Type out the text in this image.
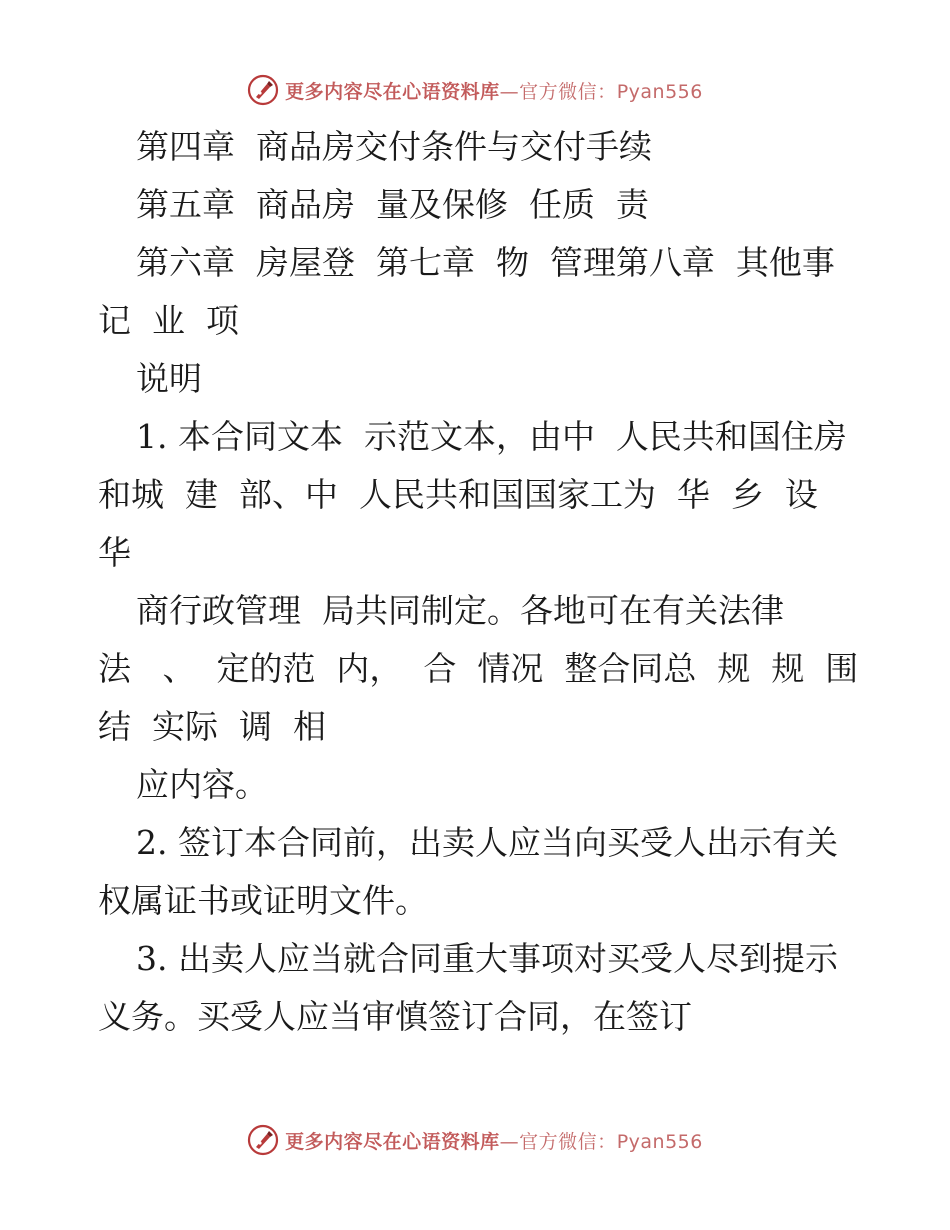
更多内容尽在心语资料库—官方微信：Pyan556
第四章  商品房交付条件与交付手续
第五章  商品房  量及保修  任质  责
第六章  房屋登  第七章  物  管理第八章  其他事
记  业  项
说明
1. 本合同文本  示范文本，由中  人民共和国住房
和城  建  部、中  人民共和国国家工为  华  乡  设
华
商行政管理  局共同制定。各地可在有关法律
法   、  定的范  内，  合  情况  整合同总  规  规  围
结  实际  调  相
应内容。
2. 签订本合同前，出卖人应当向买受人出示有关
权属证书或证明文件。
3. 出卖人应当就合同重大事项对买受人尽到提示
义务。买受人应当审慎签订合同，在签订
更多内容尽在心语资料库—官方微信：Pyan556
